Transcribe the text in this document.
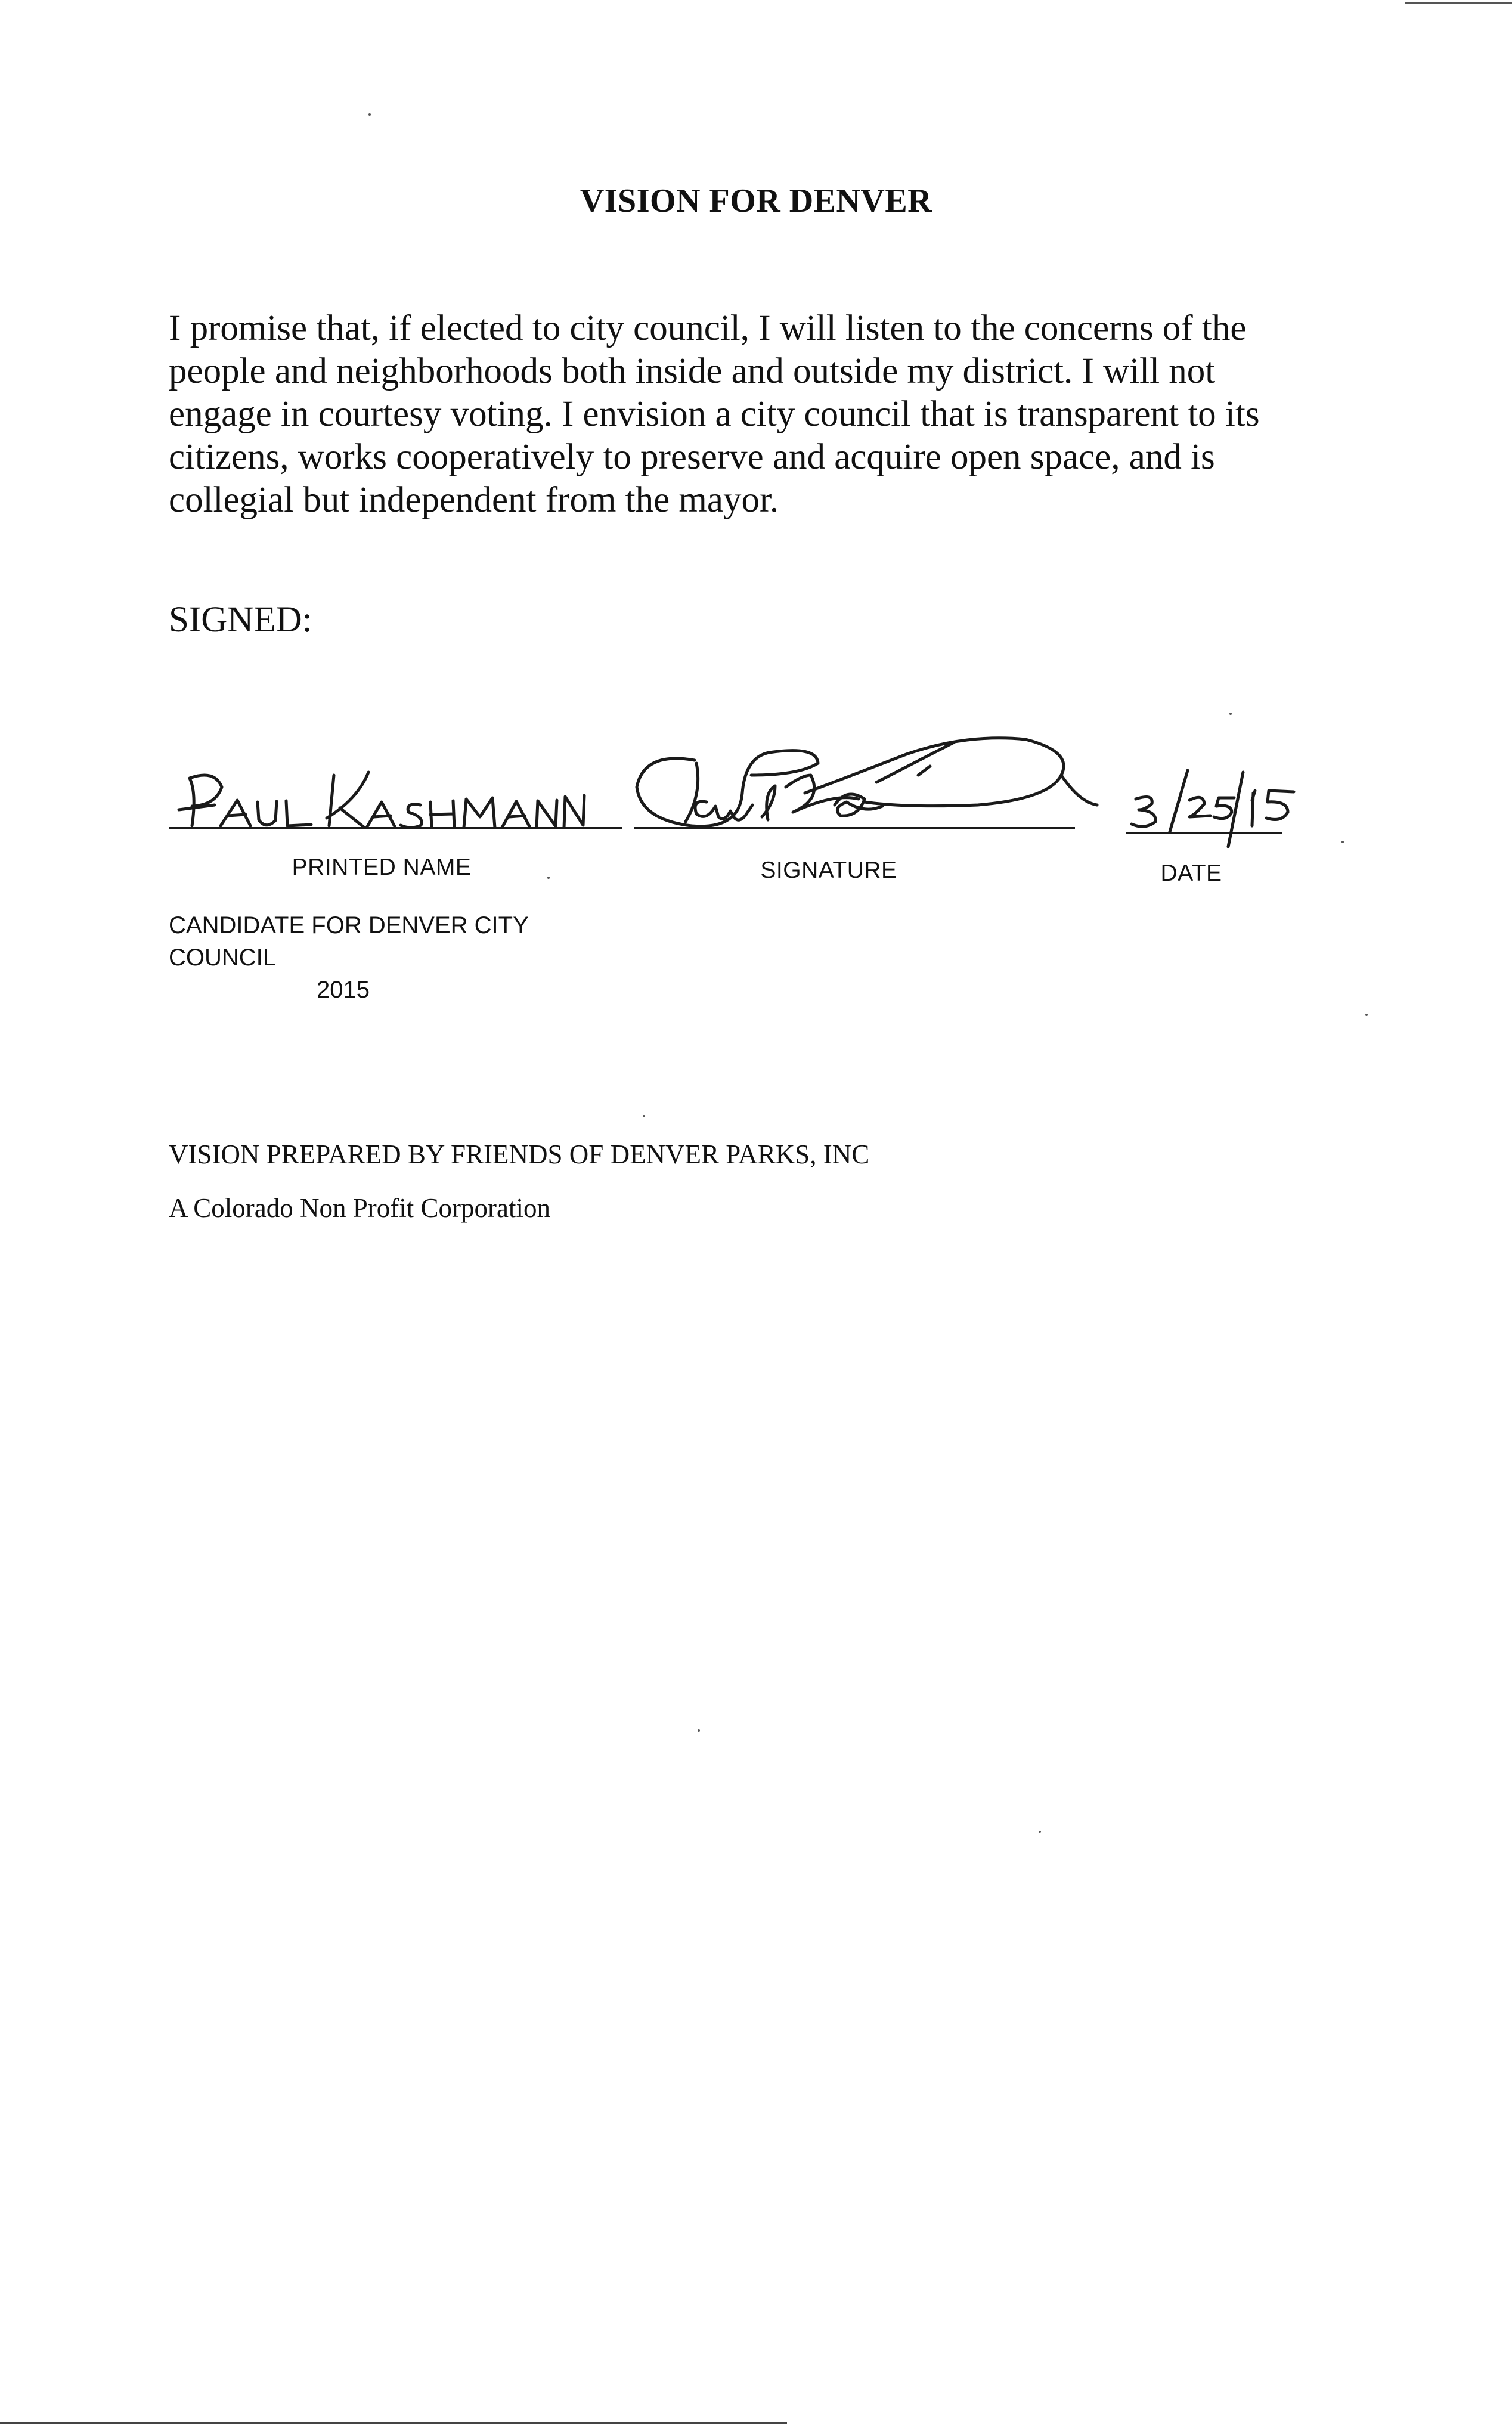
VISION FOR DENVER
I promise that, if elected to city council, I will listen to the concerns of the
people and neighborhoods both inside and outside my district. I will not
engage in courtesy voting. I envision a city council that is transparent to its
citizens, works cooperatively to preserve and acquire open space, and is
collegial but independent from the mayor.
SIGNED:
PRINTED NAME	SIGNATURE	DATE
CANDIDATE FOR DENVER CITY COUNCIL
2015
VISION PREPARED BY FRIENDS OF DENVER PARKS, INC
A Colorado Non Profit Corporation
